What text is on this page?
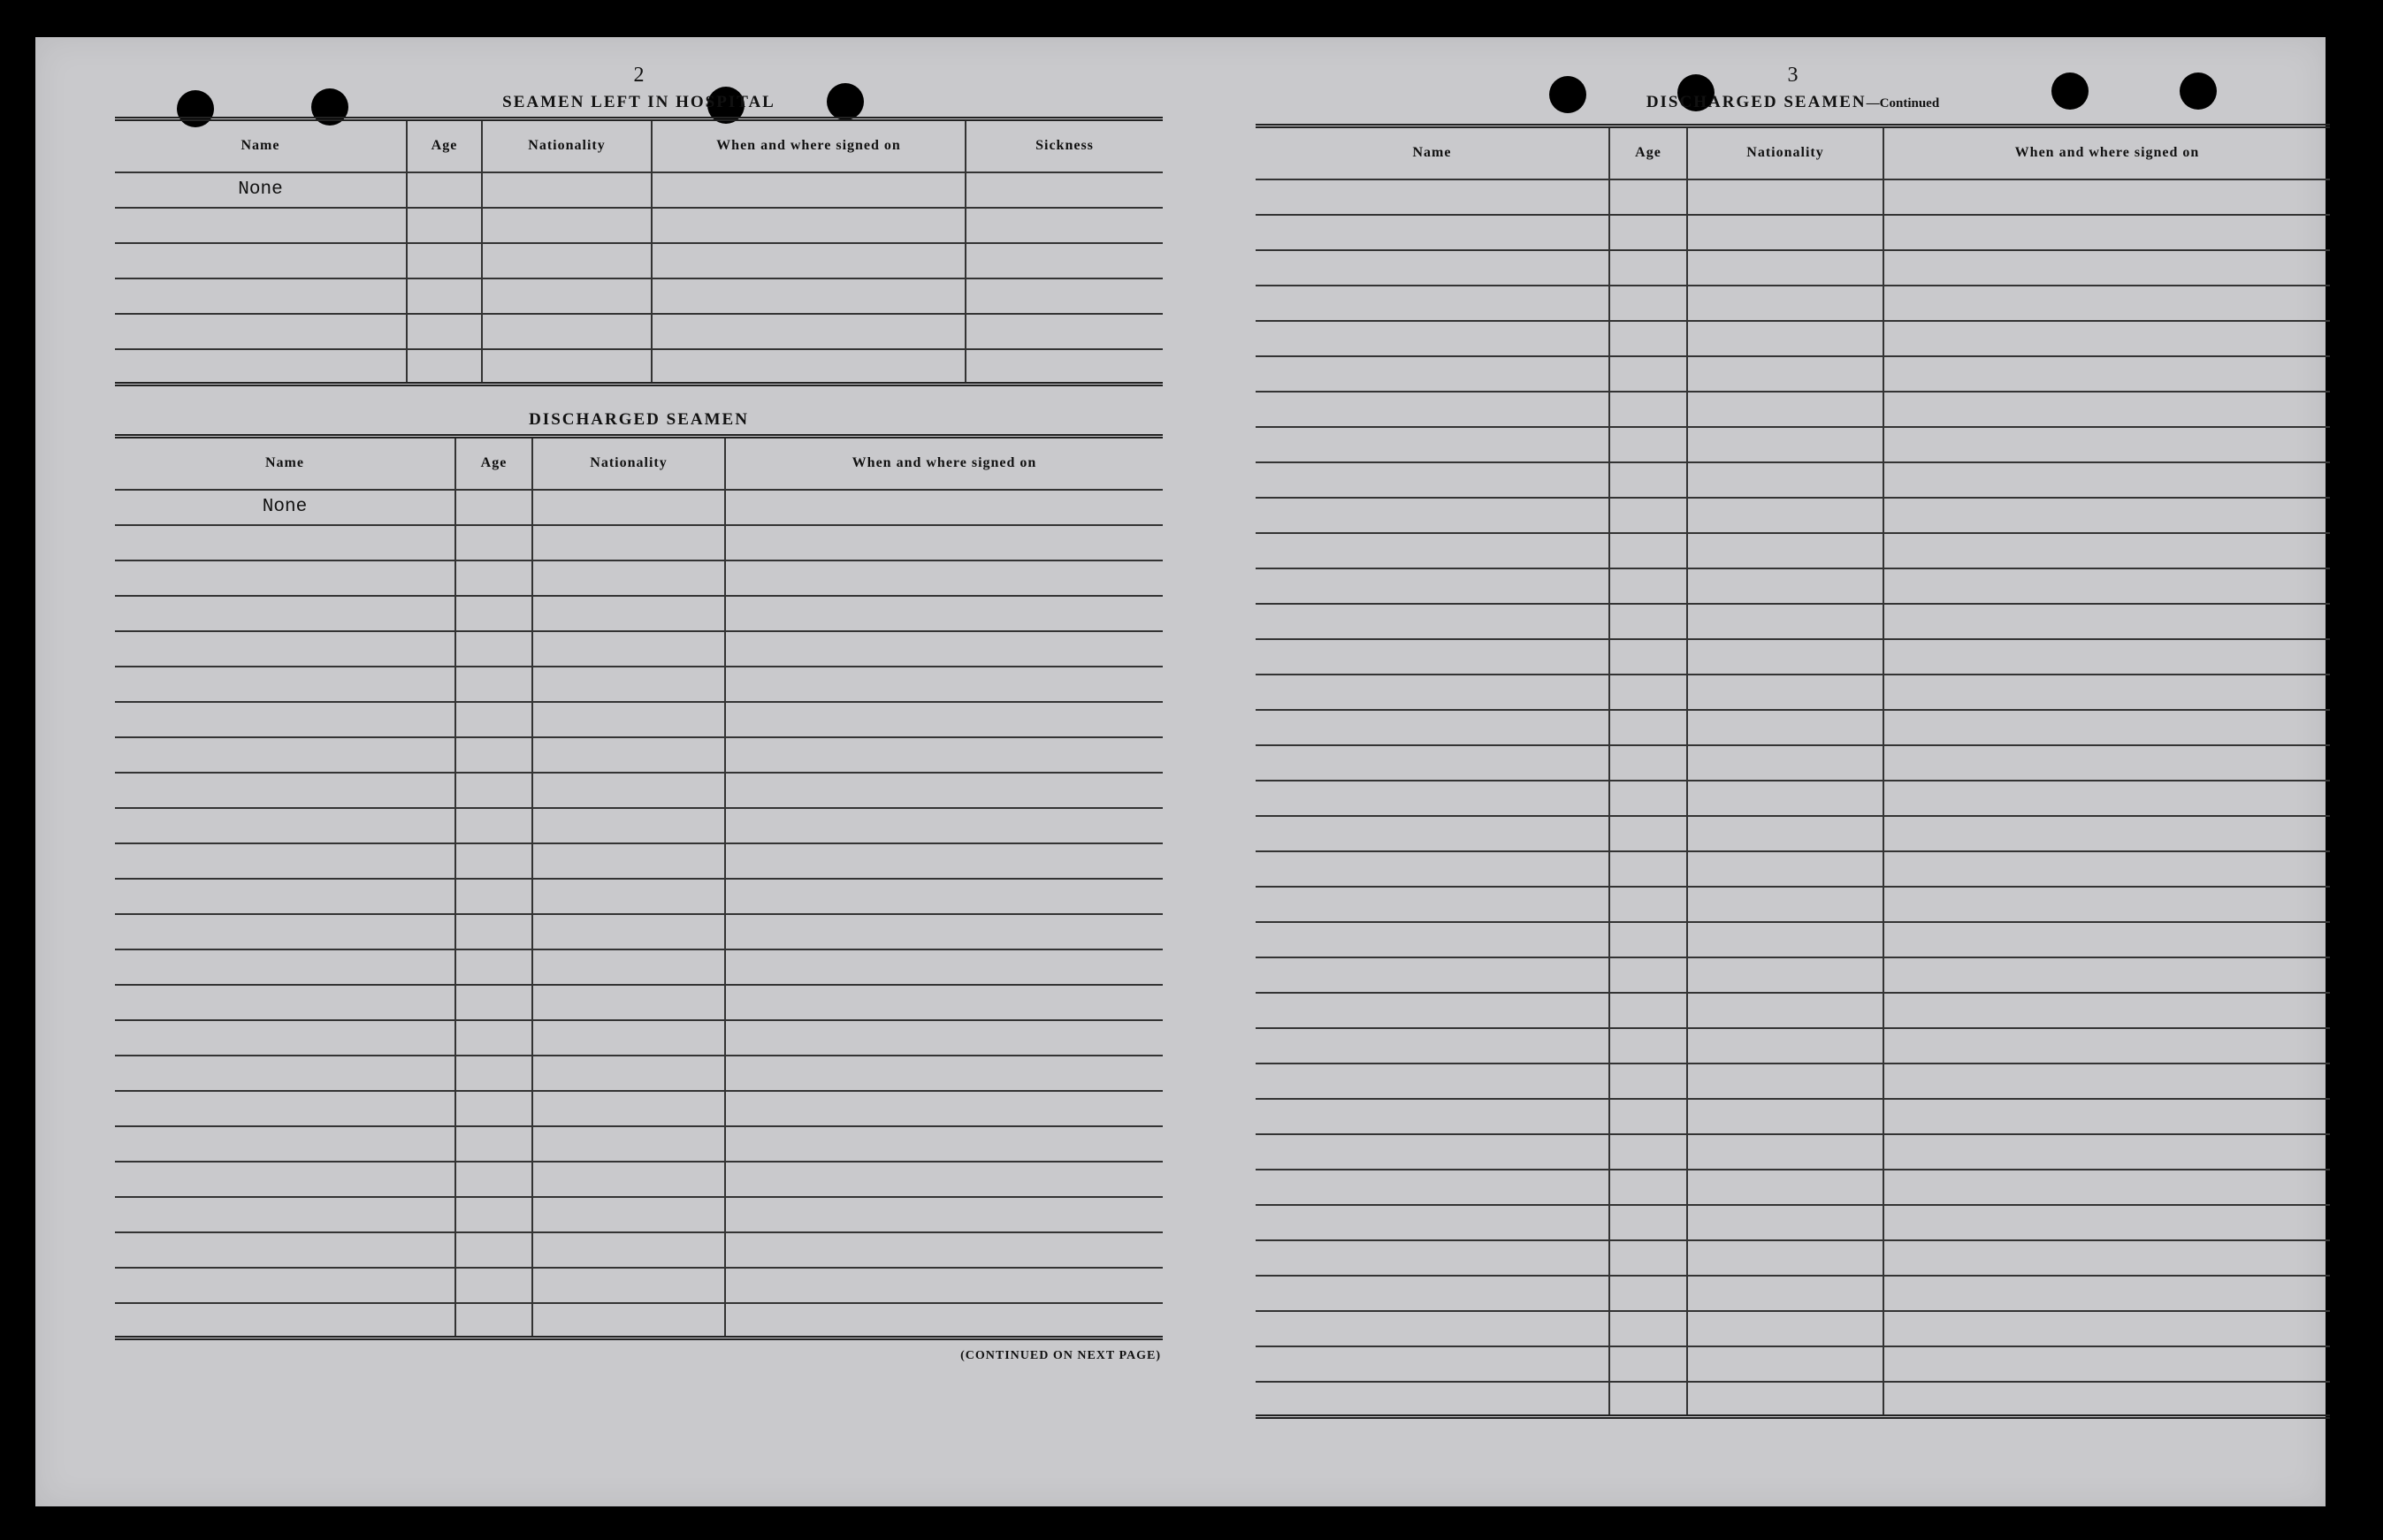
2
SEAMEN LEFT IN HOSPITAL
Name	Age	Nationality	When and where signed on	Sickness
None				

DISCHARGED SEAMEN
Name	Age	Nationality	When and where signed on
None			

(CONTINUED ON NEXT PAGE)
3
DISCHARGED SEAMEN—Continued
Name	Age	Nationality	When and where signed on
